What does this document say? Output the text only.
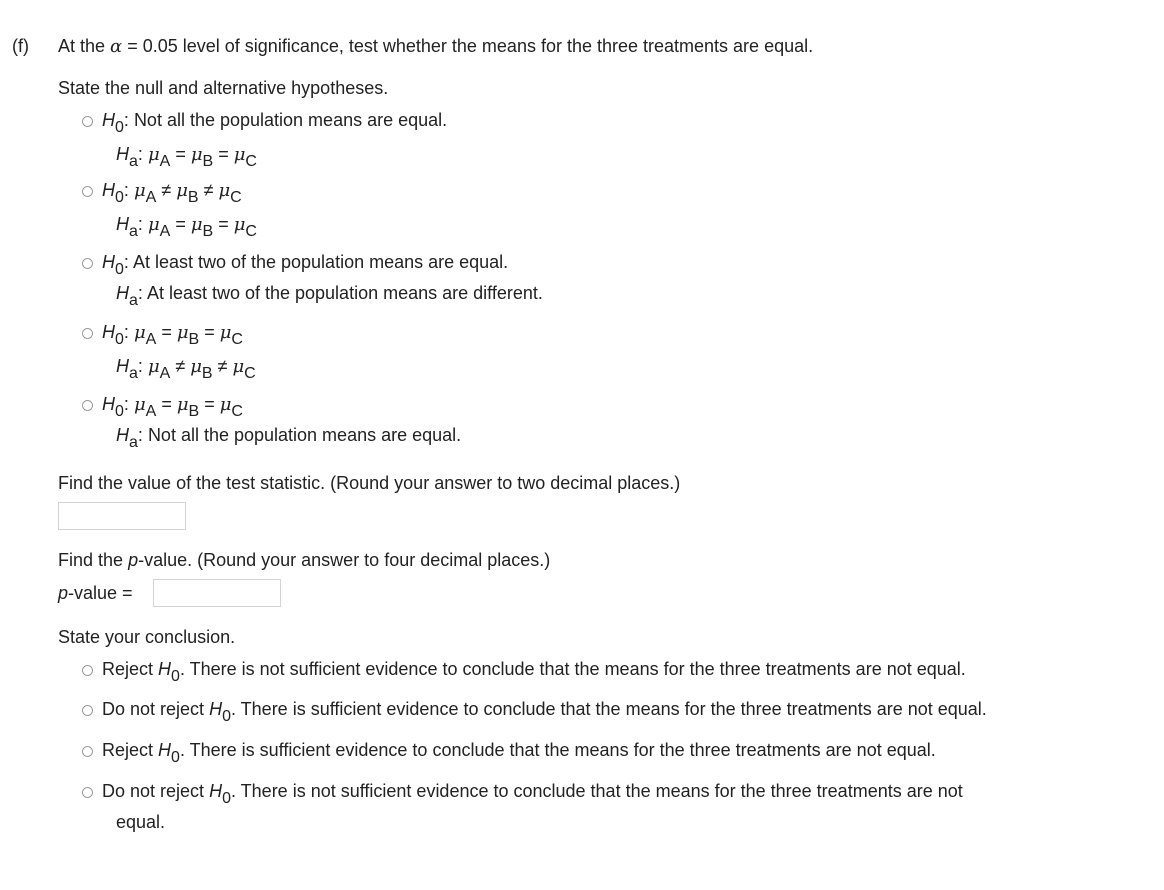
(f) At the α = 0.05 level of significance, test whether the means for the three treatments are equal.
State the null and alternative hypotheses.
H0: Not all the population means are equal.
Ha: μA = μB = μC
H0: μA ≠ μB ≠ μC
Ha: μA = μB = μC
H0: At least two of the population means are equal.
Ha: At least two of the population means are different.
H0: μA = μB = μC
Ha: μA ≠ μB ≠ μC
H0: μA = μB = μC
Ha: Not all the population means are equal.
Find the value of the test statistic. (Round your answer to two decimal places.)
Find the p-value. (Round your answer to four decimal places.)
p-value =
State your conclusion.
Reject H0. There is not sufficient evidence to conclude that the means for the three treatments are not equal.
Do not reject H0. There is sufficient evidence to conclude that the means for the three treatments are not equal.
Reject H0. There is sufficient evidence to conclude that the means for the three treatments are not equal.
Do not reject H0. There is not sufficient evidence to conclude that the means for the three treatments are not
equal.
